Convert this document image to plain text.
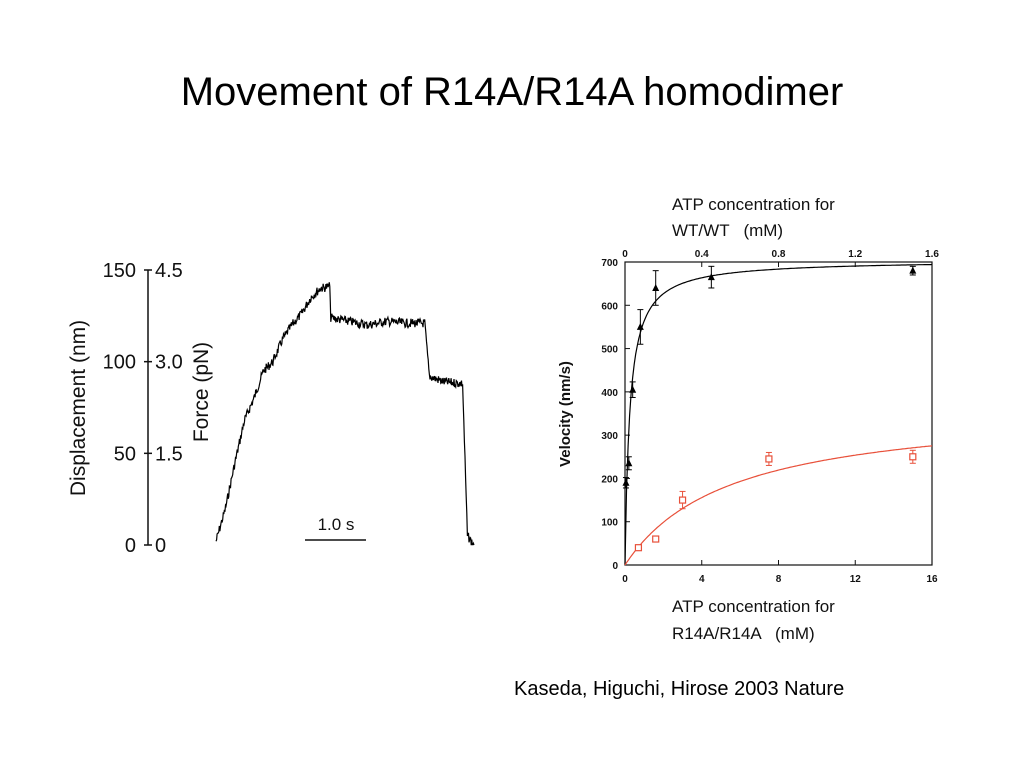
Movement of R14A/R14A homodimer
0 0
50 1.5
100 3.0
150 4.5
Displacement (nm)	Force (pN)
1.0 s
ATP concentration for
WT/WT   (mM)
ATP concentration for
R14A/R14A   (mM)
Velocity (nm/s)
0
100
200
300
400
500
600
700
0	0.4	0.8	1.2	1.6
0	4	8	12	16
Kaseda, Higuchi, Hirose 2003 Nature
